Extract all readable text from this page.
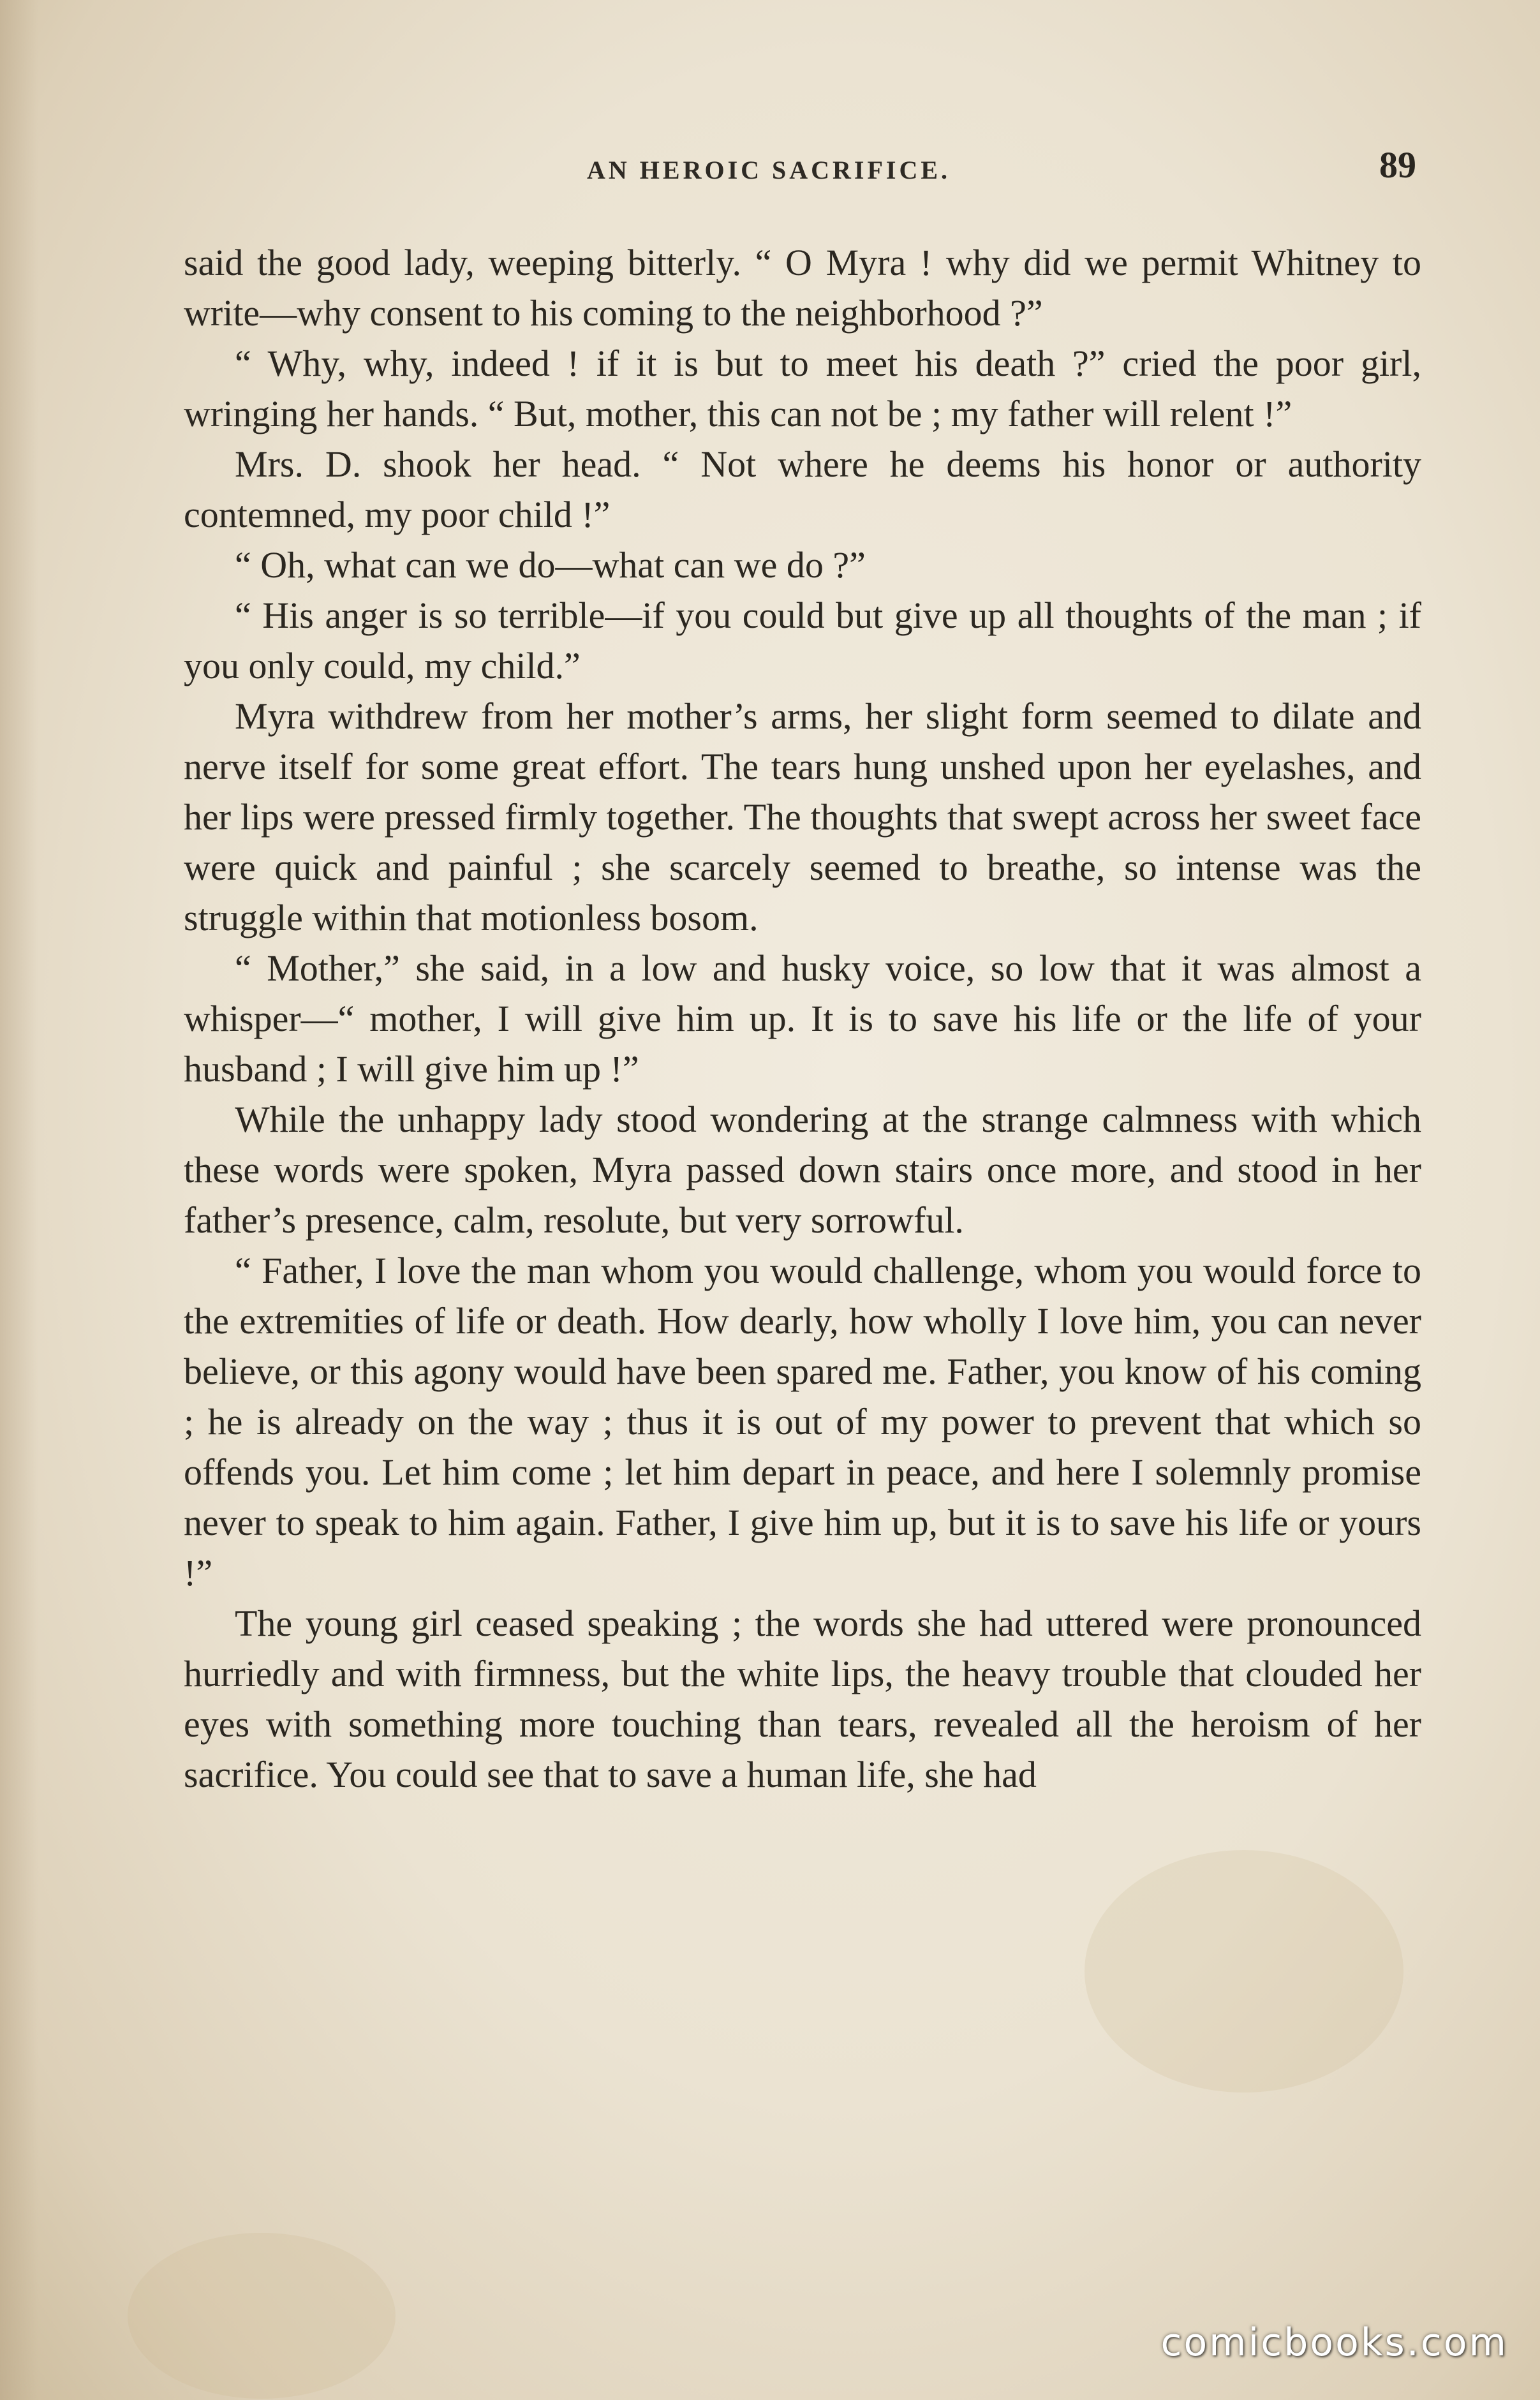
AN HEROIC SACRIFICE.	89

said the good lady, weeping bitterly. “ O Myra ! why did we permit Whitney to write—why consent to his coming to the neighborhood ?”

“ Why, why, indeed ! if it is but to meet his death ?” cried the poor girl, wringing her hands. “ But, mother, this can not be ; my father will relent !”

Mrs. D. shook her head. “ Not where he deems his honor or authority contemned, my poor child !”

“ Oh, what can we do—what can we do ?”

“ His anger is so terrible—if you could but give up all thoughts of the man ; if you only could, my child.”

Myra withdrew from her mother’s arms, her slight form seemed to dilate and nerve itself for some great effort. The tears hung unshed upon her eyelashes, and her lips were pressed firmly together. The thoughts that swept across her sweet face were quick and painful ; she scarcely seemed to breathe, so intense was the struggle within that motionless bosom.

“ Mother,” she said, in a low and husky voice, so low that it was almost a whisper—“ mother, I will give him up. It is to save his life or the life of your husband ; I will give him up !”

While the unhappy lady stood wondering at the strange calmness with which these words were spoken, Myra passed down stairs once more, and stood in her father’s presence, calm, resolute, but very sorrowful.

“ Father, I love the man whom you would challenge, whom you would force to the extremities of life or death. How dearly, how wholly I love him, you can never believe, or this agony would have been spared me. Father, you know of his coming ; he is already on the way ; thus it is out of my power to prevent that which so offends you. Let him come ; let him depart in peace, and here I solemnly promise never to speak to him again. Father, I give him up, but it is to save his life or yours !”

The young girl ceased speaking ; the words she had uttered were pronounced hurriedly and with firmness, but the white lips, the heavy trouble that clouded her eyes with something more touching than tears, revealed all the heroism of her sacrifice. You could see that to save a human life, she had

comicbooks.com
